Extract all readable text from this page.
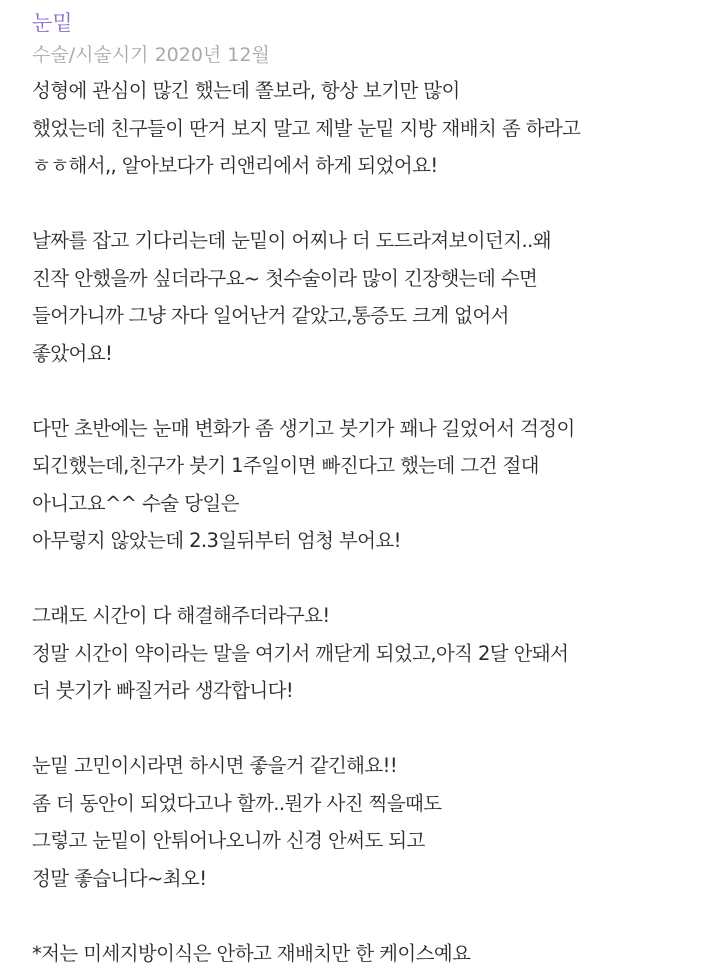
눈밑
수술/시술시기 2020년 12월
성형에 관심이 많긴 했는데 쫄보라, 항상 보기만 많이
했었는데 친구들이 딴거 보지 말고 제발 눈밑 지방 재배치 좀 하라고
ㅎㅎ해서,, 알아보다가 리앤리에서 하게 되었어요!
날짜를 잡고 기다리는데 눈밑이 어찌나 더 도드라져보이던지..왜
진작 안했을까 싶더라구요~ 첫수술이라 많이 긴장햇는데 수면
들어가니까 그냥 자다 일어난거 같았고,통증도 크게 없어서
좋았어요!
다만 초반에는 눈매 변화가 좀 생기고 붓기가 꽤나 길었어서 걱정이
되긴했는데,친구가 붓기 1주일이면 빠진다고 했는데 그건 절대
아니고요^^ 수술 당일은
아무렇지 않았는데 2.3일뒤부터 엄청 부어요!
그래도 시간이 다 해결해주더라구요!
정말 시간이 약이라는 말을 여기서 깨닫게 되었고,아직 2달 안돼서
더 붓기가 빠질거라 생각합니다!
눈밑 고민이시라면 하시면 좋을거 같긴해요!!
좀 더 동안이 되었다고나 할까..뭔가 사진 찍을때도
그렇고 눈밑이 안튀어나오니까 신경 안써도 되고
정말 좋습니다~최오!
*저는 미세지방이식은 안하고 재배치만 한 케이스예요
